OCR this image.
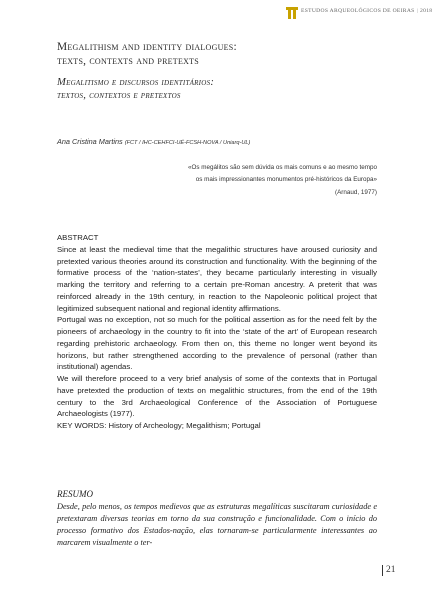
ESTUDOS ARQUEOLÓGICOS DE OEIRAS | 2018
Megalithism and identity dialogues:
texts, contexts and pretexts
Megalitismo e discursos identitários:
textos, contextos e pretextos
Ana Cristina Martins (FCT / IHC-CEHFCI-UÉ-FCSH-NOVA / Uniarq-UL)
«Os megálitos são sem dúvida os mais comuns e ao mesmo tempo
os mais impressionantes monumentos pré-históricos da Europa»
(Arnaud, 1977)

ABSTRACT

Since at least the medieval time that the megalithic structures have aroused curiosity and pretexted various theories around its construction and functionality. With the beginning of the formative process of the ‘nation-states’, they became particularly interesting in visually marking the territory and referring to a certain pre-Roman ancestry. A preterit that was reinforced already in the 19th century, in reaction to the Napoleonic political project that legitimized subsequent national and regional identity affirmations.

Portugal was no exception, not so much for the political assertion as for the need felt by the pioneers of archaeology in the country to fit into the ‘state of the art’ of European research regarding prehistoric archaeology. From then on, this theme no longer went beyond its horizons, but rather strengthened according to the prevalence of personal (rather than institutional) agendas.

We will therefore proceed to a very brief analysis of some of the contexts that in Portugal have pretexted the production of texts on megalithic structures, from the end of the 19th century to the 3rd Archaeological Conference of the Association of Portuguese Archaeologists (1977).

KEY WORDS: History of Archeology; Megalithism; Portugal

RESUMO

Desde, pelo menos, os tempos medievos que as estruturas megalíticas suscitaram curiosidade e pretextaram diversas teorias em torno da sua construção e funcionalidade. Com o início do processo formativo dos Estados-nação, elas tornaram-se particularmente interessantes ao marcarem visualmente o ter-

21
